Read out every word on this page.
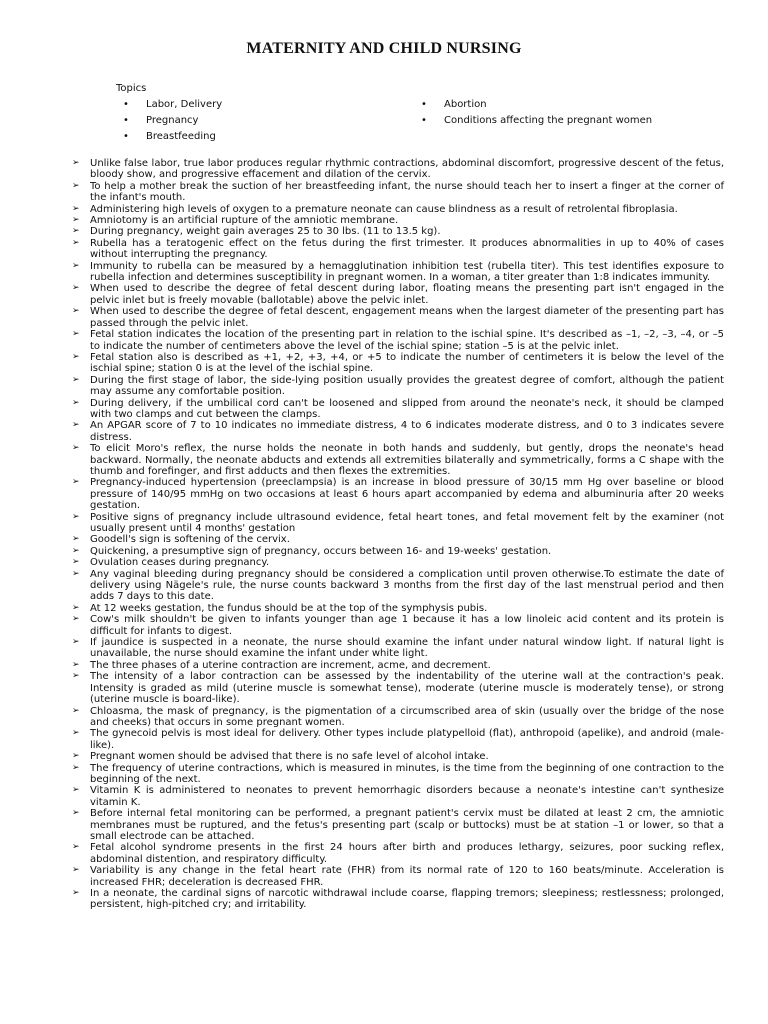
MATERNITY AND CHILD NURSING
Topics
• Labor, Delivery
• Pregnancy
• Breastfeeding
• Abortion
• Conditions affecting the pregnant women
➢ Unlike false labor, true labor produces regular rhythmic contractions, abdominal discomfort, progressive descent of the fetus, bloody show, and progressive effacement and dilation of the cervix.
➢ To help a mother break the suction of her breastfeeding infant, the nurse should teach her to insert a finger at the corner of the infant's mouth.
➢ Administering high levels of oxygen to a premature neonate can cause blindness as a result of retrolental fibroplasia.
➢ Amniotomy is an artificial rupture of the amniotic membrane.
➢ During pregnancy, weight gain averages 25 to 30 lbs. (11 to 13.5 kg).
➢ Rubella has a teratogenic effect on the fetus during the first trimester. It produces abnormalities in up to 40% of cases without interrupting the pregnancy.
➢ Immunity to rubella can be measured by a hemagglutination inhibition test (rubella titer). This test identifies exposure to rubella infection and determines susceptibility in pregnant women. In a woman, a titer greater than 1:8 indicates immunity.
➢ When used to describe the degree of fetal descent during labor, floating means the presenting part isn't engaged in the pelvic inlet but is freely movable (ballotable) above the pelvic inlet.
➢ When used to describe the degree of fetal descent, engagement means when the largest diameter of the presenting part has passed through the pelvic inlet.
➢ Fetal station indicates the location of the presenting part in relation to the ischial spine. It's described as –1, –2, –3, –4, or –5 to indicate the number of centimeters above the level of the ischial spine; station –5 is at the pelvic inlet.
➢ Fetal station also is described as +1, +2, +3, +4, or +5 to indicate the number of centimeters it is below the level of the ischial spine; station 0 is at the level of the ischial spine.
➢ During the first stage of labor, the side-lying position usually provides the greatest degree of comfort, although the patient may assume any comfortable position.
➢ During delivery, if the umbilical cord can't be loosened and slipped from around the neonate's neck, it should be clamped with two clamps and cut between the clamps.
➢ An APGAR score of 7 to 10 indicates no immediate distress, 4 to 6 indicates moderate distress, and 0 to 3 indicates severe distress.
➢ To elicit Moro's reflex, the nurse holds the neonate in both hands and suddenly, but gently, drops the neonate's head backward. Normally, the neonate abducts and extends all extremities bilaterally and symmetrically, forms a C shape with the thumb and forefinger, and first adducts and then flexes the extremities.
➢ Pregnancy-induced hypertension (preeclampsia) is an increase in blood pressure of 30/15 mm Hg over baseline or blood pressure of 140/95 mmHg on two occasions at least 6 hours apart accompanied by edema and albuminuria after 20 weeks gestation.
➢ Positive signs of pregnancy include ultrasound evidence, fetal heart tones, and fetal movement felt by the examiner (not usually present until 4 months' gestation
➢ Goodell's sign is softening of the cervix.
➢ Quickening, a presumptive sign of pregnancy, occurs between 16- and 19-weeks' gestation.
➢ Ovulation ceases during pregnancy.
➢ Any vaginal bleeding during pregnancy should be considered a complication until proven otherwise.To estimate the date of delivery using Nägele's rule, the nurse counts backward 3 months from the first day of the last menstrual period and then adds 7 days to this date.
➢ At 12 weeks gestation, the fundus should be at the top of the symphysis pubis.
➢ Cow's milk shouldn't be given to infants younger than age 1 because it has a low linoleic acid content and its protein is difficult for infants to digest.
➢ If jaundice is suspected in a neonate, the nurse should examine the infant under natural window light. If natural light is unavailable, the nurse should examine the infant under white light.
➢ The three phases of a uterine contraction are increment, acme, and decrement.
➢ The intensity of a labor contraction can be assessed by the indentability of the uterine wall at the contraction's peak. Intensity is graded as mild (uterine muscle is somewhat tense), moderate (uterine muscle is moderately tense), or strong (uterine muscle is board-like).
➢ Chloasma, the mask of pregnancy, is the pigmentation of a circumscribed area of skin (usually over the bridge of the nose and cheeks) that occurs in some pregnant women.
➢ The gynecoid pelvis is most ideal for delivery. Other types include platypelloid (flat), anthropoid (apelike), and android (male-like).
➢ Pregnant women should be advised that there is no safe level of alcohol intake.
➢ The frequency of uterine contractions, which is measured in minutes, is the time from the beginning of one contraction to the beginning of the next.
➢ Vitamin K is administered to neonates to prevent hemorrhagic disorders because a neonate's intestine can't synthesize vitamin K.
➢ Before internal fetal monitoring can be performed, a pregnant patient's cervix must be dilated at least 2 cm, the amniotic membranes must be ruptured, and the fetus's presenting part (scalp or buttocks) must be at station –1 or lower, so that a small electrode can be attached.
➢ Fetal alcohol syndrome presents in the first 24 hours after birth and produces lethargy, seizures, poor sucking reflex, abdominal distention, and respiratory difficulty.
➢ Variability is any change in the fetal heart rate (FHR) from its normal rate of 120 to 160 beats/minute. Acceleration is increased FHR; deceleration is decreased FHR.
➢ In a neonate, the cardinal signs of narcotic withdrawal include coarse, flapping tremors; sleepiness; restlessness; prolonged, persistent, high-pitched cry; and irritability.
